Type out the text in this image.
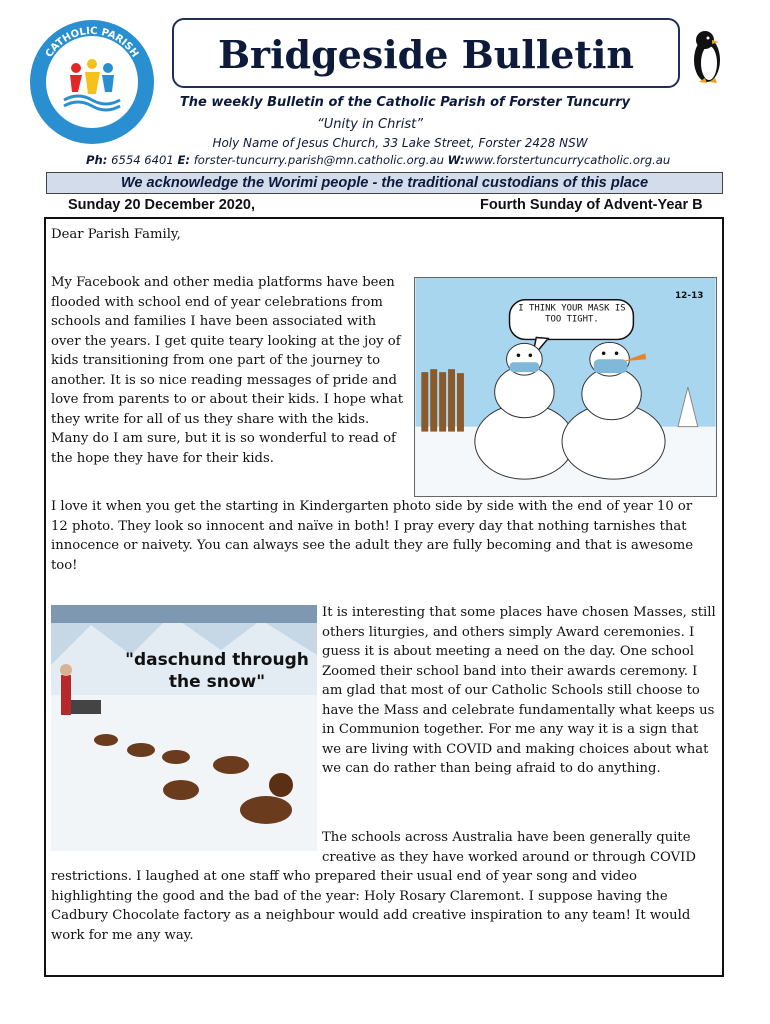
CATHOLIC PARISH
FORSTER TUNCURRY
Bridgeside Bulletin
The weekly Bulletin of the Catholic Parish of Forster Tuncurry
“Unity in Christ”
Holy Name of Jesus Church, 33 Lake Street, Forster 2428 NSW
Ph: 6554 6401 E: forster-tuncurry.parish@mn.catholic.org.au W:www.forstertuncurrycatholic.org.au
We acknowledge the Worimi people - the traditional custodians of this place
Sunday 20 December 2020,	Fourth Sunday of Advent-Year B
Dear Parish Family,
My Facebook and other media platforms have been flooded with school end of year celebrations from schools and families I have been associated with over the years. I get quite teary looking at the joy of kids transitioning from one part of the journey to another. It is so nice reading messages of pride and love from parents to or about their kids. I hope what they write for all of us they share with the kids. Many do I am sure, but it is so wonderful to read of the hope they have for their kids.
12-13
I THINK YOUR MASK IS TOO TIGHT.
I love it when you get the starting in Kindergarten photo side by side with the end of year 10 or 12 photo. They look so innocent and naïve in both! I pray every day that nothing tarnishes that innocence or naivety. You can always see the adult they are fully becoming and that is awesome too!
"daschund through the snow"
It is interesting that some places have chosen Masses, still others liturgies, and others simply Award ceremonies. I guess it is about meeting a need on the day. One school Zoomed their school band into their awards ceremony. I am glad that most of our Catholic Schools still choose to have the Mass and celebrate fundamentally what keeps us in Communion together. For me any way it is a sign that we are living with COVID and making choices about what we can do rather than being afraid to do anything.
The schools across Australia have been generally quite creative as they have worked around or through COVID
restrictions. I laughed at one staff who prepared their usual end of year song and video highlighting the good and the bad of the year: Holy Rosary Claremont. I suppose having the Cadbury Chocolate factory as a neighbour would add creative inspiration to any team! It would work for me any way.
